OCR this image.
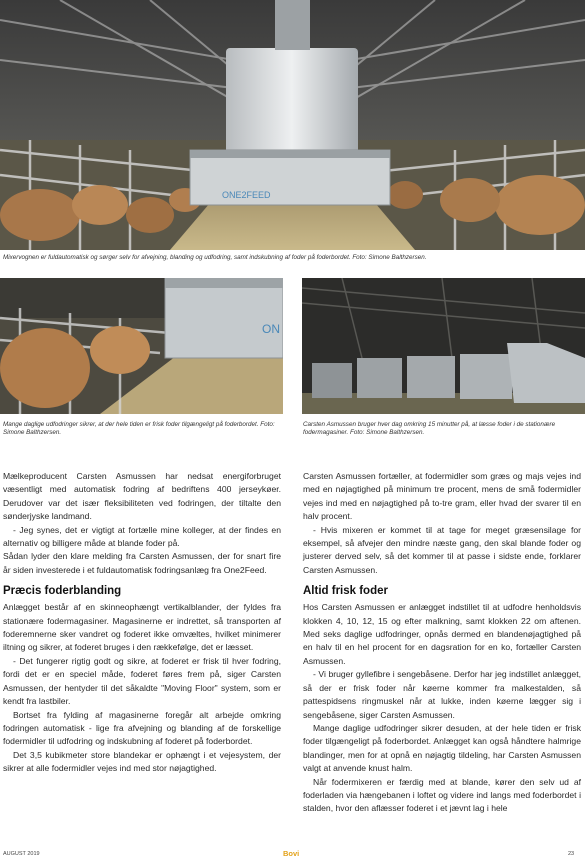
ONE2FEED
Mixervognen er fuldautomatisk og sørger selv for afvejning, blanding og udfodring, samt indskubning af foder på foderbordet. Foto: Simone Balthzersen.
ON
Mange daglige udfodringer sikrer, at der hele tiden er frisk foder tilgængeligt på foderbordet. Foto: Simone Balthzersen.
Carsten Asmussen bruger hver dag omkring 15 minutter på, at læsse foder i de stationære fodermagasiner. Foto: Simone Balthzersen.

Mælkeproducent Carsten Asmussen har nedsat energiforbruget væsentligt med automatisk fodring af bedriftens 400 jerseykøer. Derudover var det især fleksibiliteten ved fodringen, der tiltalte den sønderjyske landmand.

- Jeg synes, det er vigtigt at fortælle mine kolleger, at der findes en alternativ og billigere måde at blande foder på.

Sådan lyder den klare melding fra Carsten Asmussen, der for snart fire år siden investerede i et fuldautomatisk fodringsanlæg fra One2Feed.

Præcis foderblanding

Anlægget består af en skinneophængt vertikalblander, der fyldes fra stationære fodermagasiner. Magasinerne er indrettet, så transporten af foderemnerne sker vandret og foderet ikke omvæltes, hvilket minimerer iltning og sikrer, at foderet bruges i den rækkefølge, det er læsset.

- Det fungerer rigtig godt og sikre, at foderet er frisk til hver fodring, fordi det er en speciel måde, foderet føres frem på, siger Carsten Asmussen, der hentyder til det såkaldte "Moving Floor" system, som er kendt fra lastbiler.

Bortset fra fylding af magasinerne foregår alt arbejde omkring fodringen automatisk - lige fra afvejning og blanding af de forskellige fodermidler til udfodring og indskubning af foderet på foderbordet.

Det 3,5 kubikmeter store blandekar er ophængt i et vejesystem, der sikrer at alle fodermidler vejes ind med stor nøjagtighed.

Carsten Asmussen fortæller, at fodermidler som græs og majs vejes ind med en nøjagtighed på minimum tre procent, mens de små fodermidler vejes ind med en nøjagtighed på to-tre gram, eller hvad der svarer til en halv procent.

- Hvis mixeren er kommet til at tage for meget græsensilage for eksempel, så afvejer den mindre næste gang, den skal blande foder og justerer derved selv, så det kommer til at passe i sidste ende, forklarer Carsten Asmussen.

Altid frisk foder

Hos Carsten Asmussen er anlægget indstillet til at udfodre henholdsvis klokken 4, 10, 12, 15 og efter malkning, samt klokken 22 om aftenen. Med seks daglige udfodringer, opnås dermed en blandenøjagtighed på en halv til en hel procent for en dagsration for en ko, fortæller Carsten Asmussen.

- Vi bruger gyllefibre i sengebåsene. Derfor har jeg indstillet anlægget, så der er frisk foder når køerne kommer fra malkestalden, så pattespidsens ringmuskel når at lukke, inden køerne lægger sig i sengebåsene, siger Carsten Asmussen.

Mange daglige udfodringer sikrer desuden, at der hele tiden er frisk foder tilgængeligt på foderbordet. Anlægget kan også håndtere halmrige blandinger, men for at opnå en nøjagtig tildeling, har Carsten Asmussen valgt at anvende knust halm.

Når fodermixeren er færdig med at blande, kører den selv ud af foderladen via hængebanen i loftet og videre ind langs med foderbordet i stalden, hvor den aflæsser foderet i et jævnt lag i hele

AUGUST 2019	Bovi	23
